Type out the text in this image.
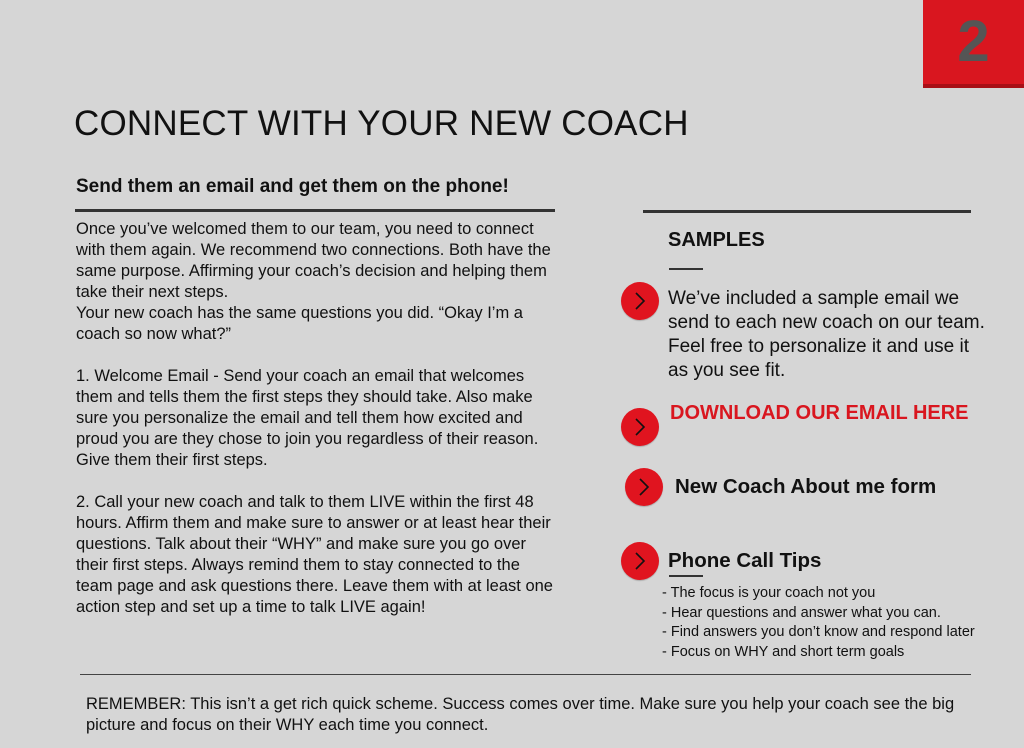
2
CONNECT WITH YOUR NEW COACH
Send them an email and get them on the phone!

Once you’ve welcomed them to our team, you need to connect with them again. We recommend two connections. Both have the same purpose. Affirming your coach’s decision and helping them take their next steps.

Your new coach has the same questions you did. “Okay I’m a coach so now what?”

1. Welcome Email - Send your coach an email that welcomes them and tells them the first steps they should take. Also make sure you personalize the email and tell them how excited and proud you are they chose to join you regardless of their reason. Give them their first steps.

2. Call your new coach and talk to them LIVE within the first 48 hours. Affirm them and make sure to answer or at least hear their questions. Talk about their “WHY” and make sure you go over their first steps. Always remind them to stay connected to the team page and ask questions there. Leave them with at least one action step and set up a time to talk LIVE again!

SAMPLES
We’ve included a sample email we send to each new coach on our team. Feel free to personalize it and use it as you see fit.
DOWNLOAD OUR EMAIL HERE
New Coach About me form
Phone Call Tips
- The focus is your coach not you
- Hear questions and answer what you can.
- Find answers you don’t know and respond later
- Focus on WHY and short term goals

REMEMBER: This isn’t a get rich quick scheme. Success comes over time. Make sure you help your coach see the big picture and focus on their WHY each time you connect.
